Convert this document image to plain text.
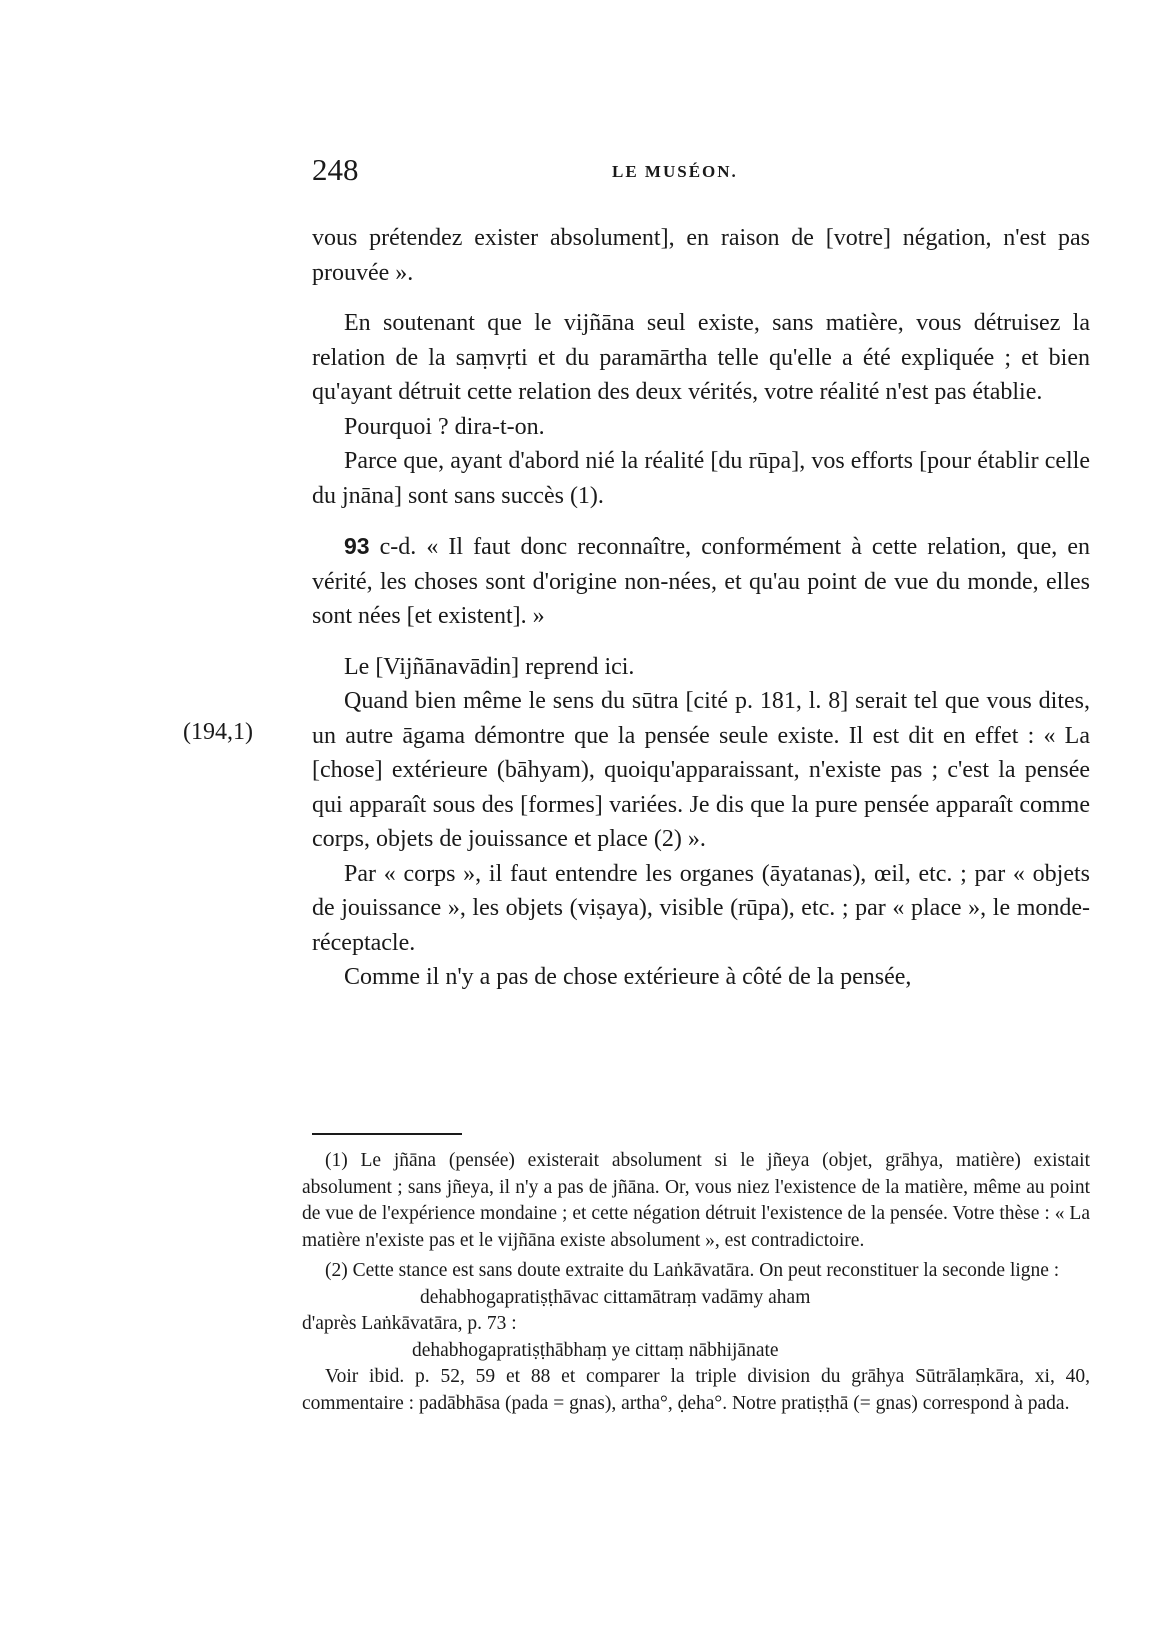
248	LE MUSÉON.
(194,1)

vous prétendez exister absolument], en raison de [votre] négation, n'est pas prouvée ».

En soutenant que le vijñāna seul existe, sans matière, vous détruisez la relation de la saṃvṛti et du paramārtha telle qu'elle a été expliquée ; et bien qu'ayant détruit cette relation des deux vérités, votre réalité n'est pas établie.

Pourquoi ? dira-t-on.

Parce que, ayant d'abord nié la réalité [du rūpa], vos efforts [pour établir celle du jnāna] sont sans succès (1).

93 c-d. « Il faut donc reconnaître, conformément à cette relation, que, en vérité, les choses sont d'origine non-nées, et qu'au point de vue du monde, elles sont nées [et existent]. »

Le [Vijñānavādin] reprend ici.

Quand bien même le sens du sūtra [cité p. 181, l. 8] serait tel que vous dites, un autre āgama démontre que la pensée seule existe. Il est dit en effet : « La [chose] extérieure (bāhyam), quoiqu'apparaissant, n'existe pas ; c'est la pensée qui apparaît sous des [formes] variées. Je dis que la pure pensée apparaît comme corps, objets de jouissance et place (2) ».

Par « corps », il faut entendre les organes (āyatanas), œil, etc. ; par « objets de jouissance », les objets (viṣaya), visible (rūpa), etc. ; par « place », le monde-réceptacle.

Comme il n'y a pas de chose extérieure à côté de la pensée,

(1) Le jñāna (pensée) existerait absolument si le jñeya (objet, grāhya, matière) existait absolument ; sans jñeya, il n'y a pas de jñāna. Or, vous niez l'existence de la matière, même au point de vue de l'expérience mondaine ; et cette négation détruit l'existence de la pensée. Votre thèse : « La matière n'existe pas et le vijñāna existe absolument », est contradictoire.

(2) Cette stance est sans doute extraite du Laṅkāvatāra. On peut reconstituer la seconde ligne :

dehabhogapratiṣṭhāvac cittamātraṃ vadāmy aham

d'après Laṅkāvatāra, p. 73 :

dehabhogapratiṣṭhābhaṃ ye cittaṃ nābhijānate

Voir ibid. p. 52, 59 et 88 et comparer la triple division du grāhya Sūtrālaṃkāra, xi, 40, commentaire : padābhāsa (pada = gnas), artha°, ḍeha°. Notre pratiṣṭhā (= gnas) correspond à pada.
